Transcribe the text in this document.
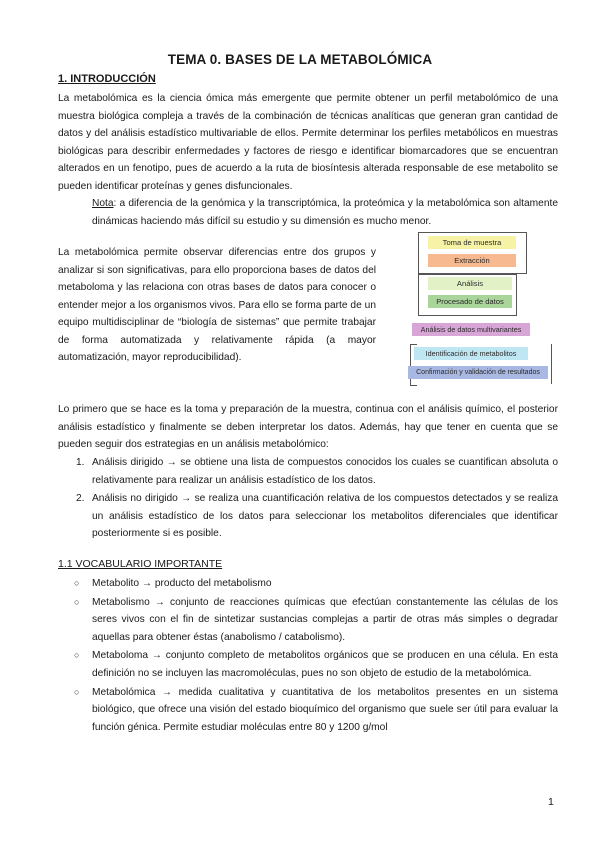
TEMA 0. BASES DE LA METABOLÓMICA
1. INTRODUCCIÓN
La metabolómica es la ciencia ómica más emergente que permite obtener un perfil metabolómico de una muestra biológica compleja a través de la combinación de técnicas analíticas que generan gran cantidad de datos y del análisis estadístico multivariable de ellos. Permite determinar los perfiles metabólicos en muestras biológicas para describir enfermedades y factores de riesgo e identificar biomarcadores que se encuentran alterados en un fenotipo, pues de acuerdo a la ruta de biosíntesis alterada responsable de ese metabolito se pueden identificar proteínas y genes disfuncionales.
Nota: a diferencia de la genómica y la transcriptómica, la proteómica y la metabolómica son altamente dinámicas haciendo más difícil su estudio y su dimensión es mucho menor.
La metabolómica permite observar diferencias entre dos grupos y analizar si son significativas, para ello proporciona bases de datos del metaboloma y las relaciona con otras bases de datos para conocer o entender mejor a los organismos vivos. Para ello se forma parte de un equipo multidisciplinar de “biología de sistemas” que permite trabajar de forma automatizada y relativamente rápida (a mayor automatización, mayor reproducibilidad).
Toma de muestra
Extracción
Análisis
Procesado de datos
Análisis de datos multivariantes
Identificación de metabolitos
Confirmación y validación de resultados
Lo primero que se hace es la toma y preparación de la muestra, continua con el análisis químico, el posterior análisis estadístico y finalmente se deben interpretar los datos. Además, hay que tener en cuenta que se pueden seguir dos estrategias en un análisis metabolómico:
1. Análisis dirigido → se obtiene una lista de compuestos conocidos los cuales se cuantifican absoluta o relativamente para realizar un análisis estadístico de los datos.
2. Análisis no dirigido → se realiza una cuantificación relativa de los compuestos detectados y se realiza un análisis estadístico de los datos para seleccionar los metabolitos diferenciales que identificar posteriormente si es posible.
1.1 VOCABULARIO IMPORTANTE
○ Metabolito → producto del metabolismo
○ Metabolismo → conjunto de reacciones químicas que efectúan constantemente las células de los seres vivos con el fin de sintetizar sustancias complejas a partir de otras más simples o degradar aquellas para obtener éstas (anabolismo / catabolismo).
○ Metaboloma → conjunto completo de metabolitos orgánicos que se producen en una célula. En esta definición no se incluyen las macromoléculas, pues no son objeto de estudio de la metabolómica.
○ Metabolómica → medida cualitativa y cuantitativa de los metabolitos presentes en un sistema biológico, que ofrece una visión del estado bioquímico del organismo que suele ser útil para evaluar la función génica. Permite estudiar moléculas entre 80 y 1200 g/mol
1
